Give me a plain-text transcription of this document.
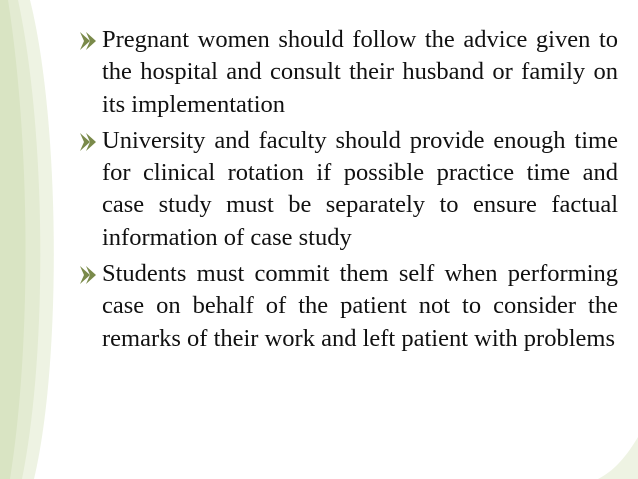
Pregnant women should follow the advice given to the hospital and consult their husband or family on its implementation
University and faculty should provide enough time for clinical rotation if possible practice time and case study must be separately to ensure factual information of case study
Students must commit them self when performing case on behalf of the patient not to consider the remarks of their work and left patient with problems
